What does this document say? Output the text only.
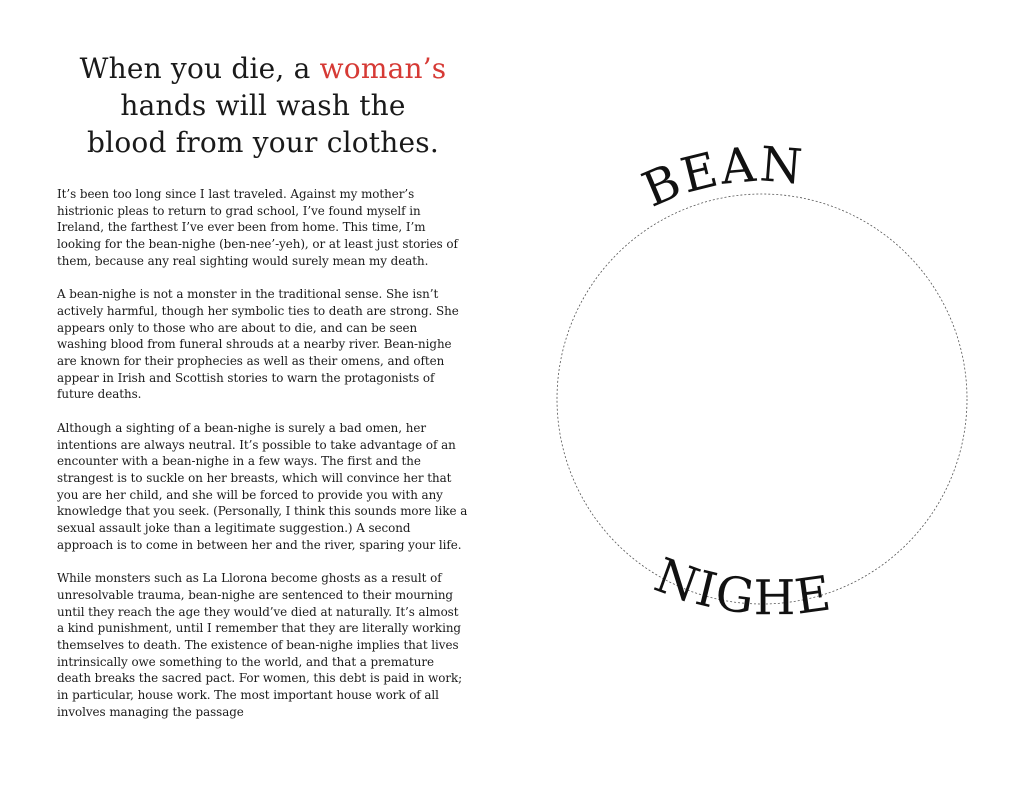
When you die, a woman’s
hands will wash the
blood from your clothes.

It’s been too long since I last traveled. Against my mother’s histrionic pleas to return to grad school, I’ve found myself in Ireland, the farthest I’ve ever been from home. This time, I’m looking for the bean-nighe (ben-nee’-yeh), or at least just stories of them, because any real sighting would surely mean my death.

A bean-nighe is not a monster in the traditional sense. She isn’t actively harmful, though her symbolic ties to death are strong. She appears only to those who are about to die, and can be seen washing blood from funeral shrouds at a nearby river. Bean-nighe are known for their prophecies as well as their omens, and often appear in Irish and Scottish stories to warn the protagonists of future deaths.

Although a sighting of a bean-nighe is surely a bad omen, her intentions are always neutral. It’s possible to take advantage of an encounter with a bean-nighe in a few ways. The first and the strangest is to suckle on her breasts, which will convince her that you are her child, and she will be forced to provide you with any knowledge that you seek. (Personally, I think this sounds more like a sexual assault joke than a legitimate suggestion.) A second approach is to come in between her and the river, sparing your life.

While monsters such as La Llorona become ghosts as a result of unresolvable trauma, bean-nighe are sentenced to their mourning until they reach the age they would’ve died at naturally. It’s almost a kind punishment, until I remember that they are literally working themselves to death. The existence of bean-nighe implies that lives intrinsically owe something to the world, and that a premature death breaks the sacred pact. For women, this debt is paid in work; in particular, house work. The most important house work of all involves managing the passage

BEAN
NIGHE
